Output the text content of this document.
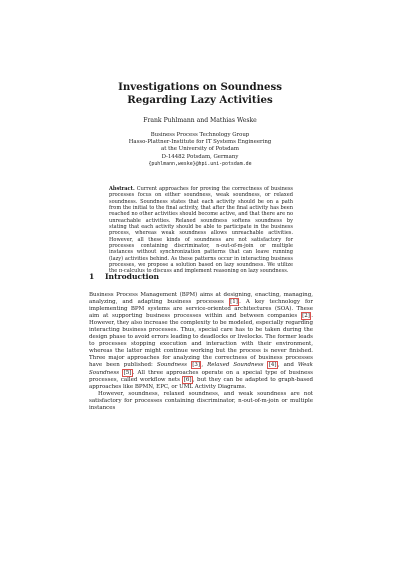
Investigations on Soundness
Regarding Lazy Activities
Frank Puhlmann and Mathias Weske
Business Process Technology Group
Hasso-Plattner-Institute for IT Systems Engineering
at the University of Potsdam
D-14482 Potsdam, Germany
{puhlmann,weske}@hpi.uni-potsdam.de
Abstract. Current approaches for proving the correctness of business processes focus on either soundness, weak soundness, or relaxed soundness. Soundness states that each activity should be on a path from the initial to the final activity, that after the final activity has been reached no other activities should become active, and that there are no unreachable activities. Relaxed soundness softens soundness by stating that each activity should be able to participate in the business process, whereas weak soundness allows unreachable activities. However, all these kinds of soundness are not satisfactory for processes containing discriminator, n-out-of-m-join or multiple instances without synchronization patterns that can leave running (lazy) activities behind. As these patterns occur in interacting business processes, we propose a solution based on lazy soundness. We utilize the π-calculus to discuss and implement reasoning on lazy soundness.
1 Introduction

Business Process Management (BPM) aims at designing, enacting, managing, analyzing, and adapting business processes [1]. A key technology for implementing BPM systems are service-oriented architectures (SOA). These aim at supporting business processes within and between companies [2]. However, they also increase the complexity to be modeled, especially regarding interacting business processes. Thus, special care has to be taken during the design phase to avoid errors leading to deadlocks or livelocks. The former leads to processes stopping execution and interaction with their environment, whereas the latter might continue working but the process is never finished. Three major approaches for analyzing the correctness of business processes have been published: Soundness [3], Relaxed Soundness [4], and Weak Soundness [5]. All three approaches operate on a special type of business processes, called workflow nets [6], but they can be adapted to graph-based approaches like BPMN, EPC, or UML Activity Diagrams.

However, soundness, relaxed soundness, and weak soundness are not satisfactory for processes containing discriminator, n-out-of-m-join or multiple instances
